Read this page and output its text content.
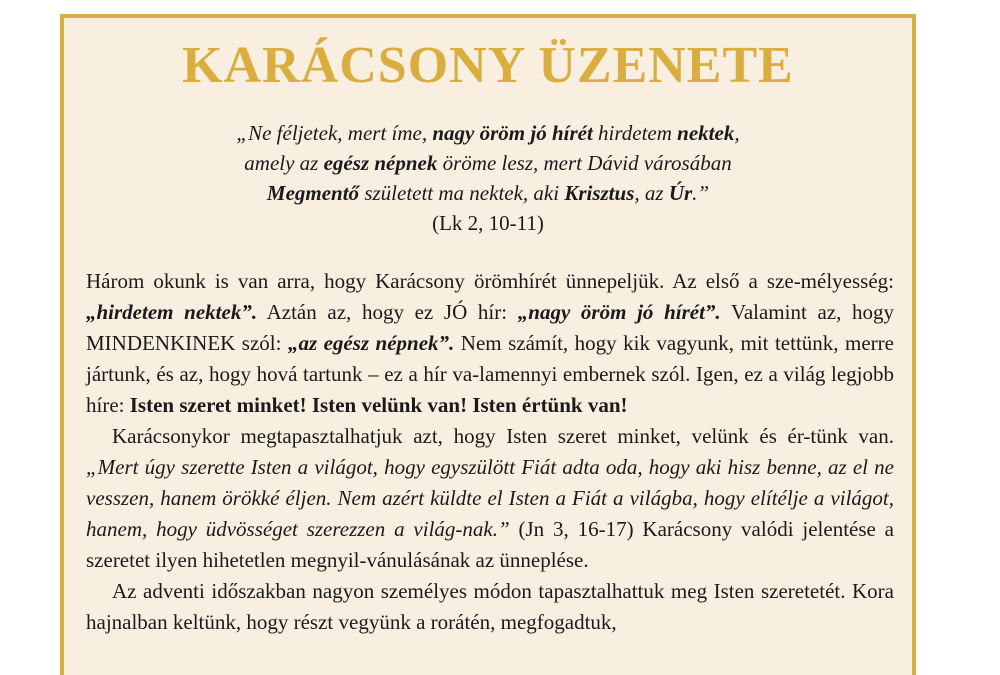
KARÁCSONY ÜZENETE
„Ne féljetek, mert íme, nagy öröm jó hírét hirdetem nektek,
amely az egész népnek öröme lesz, mert Dávid városában
Megmentő született ma nektek, aki Krisztus, az Úr.”
(Lk 2, 10-11)

Három okunk is van arra, hogy Karácsony örömhírét ünnepeljük. Az első a sze-mélyesség: „hirdetem nektek”. Aztán az, hogy ez JÓ hír: „nagy öröm jó hírét”. Valamint az, hogy MINDENKINEK szól: „az egész népnek”. Nem számít, hogy kik vagyunk, mit tettünk, merre jártunk, és az, hogy hová tartunk – ez a hír va-lamennyi embernek szól. Igen, ez a világ legjobb híre: Isten szeret minket! Isten velünk van! Isten értünk van!

Karácsonykor megtapasztalhatjuk azt, hogy Isten szeret minket, velünk és ér-tünk van. „Mert úgy szerette Isten a világot, hogy egyszülött Fiát adta oda, hogy aki hisz benne, az el ne vesszen, hanem örökké éljen. Nem azért küldte el Isten a Fiát a világba, hogy elítélje a világot, hanem, hogy üdvösséget szerezzen a világ-nak.” (Jn 3, 16-17) Karácsony valódi jelentése a szeretet ilyen hihetetlen megnyil-vánulásának az ünneplése.

Az adventi időszakban nagyon személyes módon tapasztalhattuk meg Isten szeretetét. Kora hajnalban keltünk, hogy részt vegyünk a rorátén, megfogadtuk,
